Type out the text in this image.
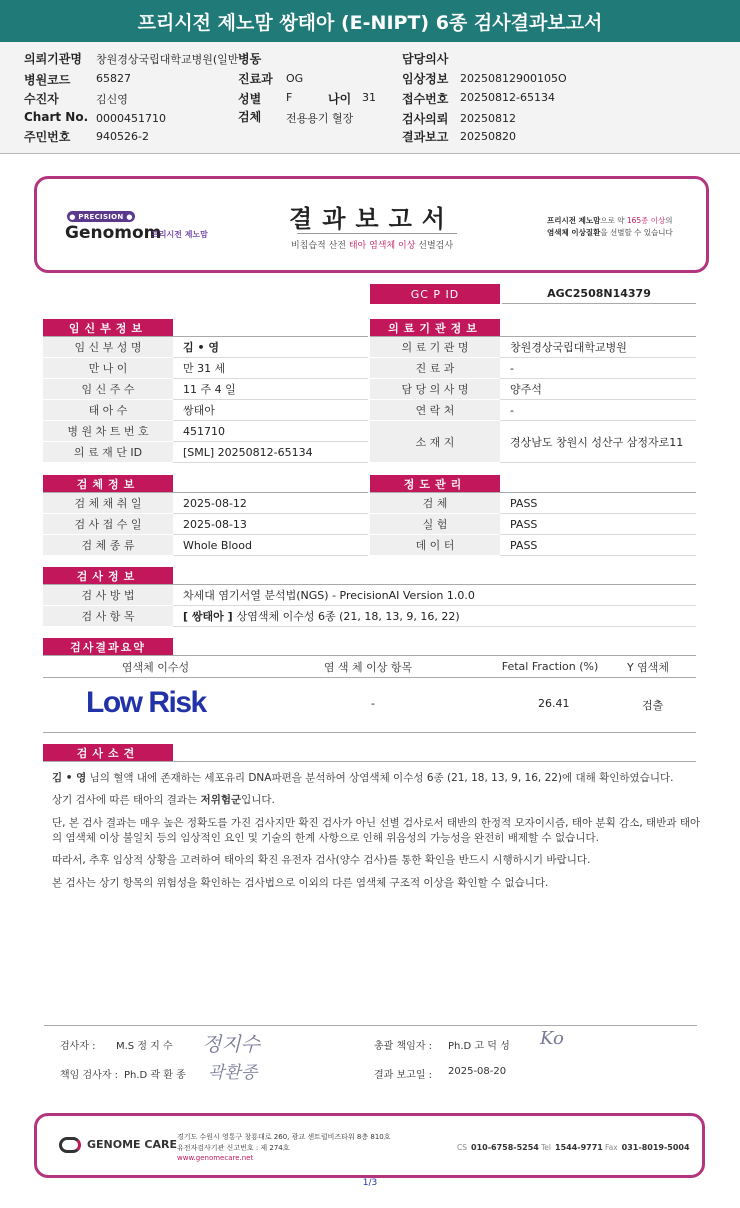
프리시전 제노맘 쌍태아 (E-NIPT) 6종 검사결과보고서
의뢰기관명 창원경상국립대학교병원(일반
병원코드 65827
수진자	김신영
Chart No. 0000451710
주민번호 940526-2
병동
진료과 OG
성별 F	나이 31
검체 전용용기 혈장
담당의사
임상정보 20250812900105O
접수번호 20250812-65134
검사의뢰 20250812
결과보고 20250820
● PRECISION ●
Genomom
프리시전 제노맘
결과보고서
비침습적 산전 태아 염색체 이상 선별검사
프리시전 제노맘으로 약 165종 이상의
염색체 이상질환을 선별할 수 있습니다
GC P ID	AGC2508N14379
임신부정보
임 신 부 성 명	김 • 영
만 나 이	만 31 세
임 신 주 수	11 주 4 일
태 아 수	쌍태아
병 원 차 트 번 호	451710
의 료 재 단 ID	[SML] 20250812-65134
의료기관정보
의 료 기 관 명	창원경상국립대학교병원
진 료 과	-
담 당 의 사 명	양주석
연 락 처	-
소 재 지	경상남도 창원시 성산구 삼정자로11
검체정보
검 체 채 취 일	2025-08-12
검 사 접 수 일	2025-08-13
검 체 종 류	Whole Blood
정도관리
검 체	PASS
실 험	PASS
데 이 터	PASS
검사정보
검 사 방 법	차세대 염기서열 분석법(NGS) - PrecisionAI Version 1.0.0
검 사 항 목	[ 쌍태아 ] 상염색체 이수성 6종 (21, 18, 13, 9, 16, 22)
검사결과요약
염색체 이수성	염 색 체 이상 항목	Fetal Fraction (%)	Y 염색체
Low Risk	-	26.41	검출
검사소견
김 • 영 님의 혈액 내에 존재하는 세포유리 DNA파편을 분석하여 상염색체 이수성 6종 (21, 18, 13, 9, 16, 22)에 대해 확인하였습니다.
상기 검사에 따른 태아의 결과는 저위험군입니다.
단, 본 검사 결과는 매우 높은 정확도를 가진 검사지만 확진 검사가 아닌 선별 검사로서 태반의 한정적 모자이시즘, 태아 분획 감소, 태반과 태아의 염색체 이상 불일치 등의 임상적인 요인 및 기술의 한계 사항으로 인해 위음성의 가능성을 완전히 배제할 수 없습니다.
따라서, 추후 임상적 상황을 고려하여 태아의 확진 유전자 검사(양수 검사)를 통한 확인을 반드시 시행하시기 바랍니다.
본 검사는 상기 항목의 위험성을 확인하는 검사법으로 이외의 다른 염색체 구조적 이상을 확인할 수 없습니다.
검사자 : M.S 정 지 수 정지수
책임 검사자 : Ph.D 곽 환 종 곽환종
총괄 책임자 : Ph.D 고 덕 성 Ko
결과 보고일 : 2025-08-20
GENOME CARE
경기도 수원시 영통구 창룡대로 260, 광교 센트럴비즈타워 8층 810호
유전자검사기관 신고번호 : 제 274호
www.genomecare.net
CS 010-6758-5254 Tel 1544-9771 Fax 031-8019-5004
1/3
